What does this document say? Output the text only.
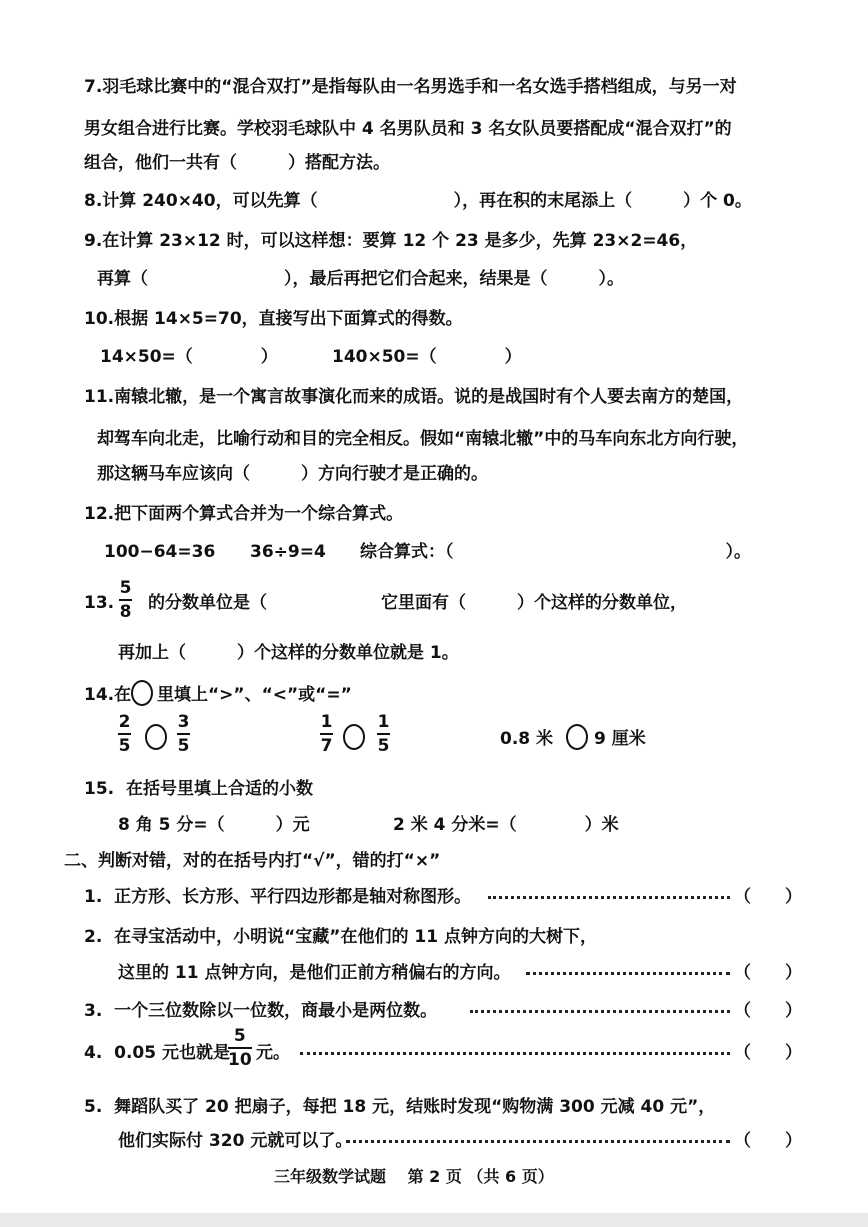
7.羽毛球比赛中的“混合双打”是指每队由一名男选手和一名女选手搭档组成，与另一对
男女组合进行比赛。学校羽毛球队中 4 名男队员和 3 名女队员要搭配成“混合双打”的
组合，他们一共有（　　　）搭配方法。
8.计算 240×40，可以先算（　　　　　　　　），再在积的末尾添上（　　　）个 0。
9.在计算 23×12 时，可以这样想：要算 12 个 23 是多少，先算 23×2=46，
再算（　　　　　　　　），最后再把它们合起来，结果是（　　　）。
10.根据 14×5=70，直接写出下面算式的得数。
14×50=（　　　　）	140×50=（　　　　）
11.南辕北辙，是一个寓言故事演化而来的成语。说的是战国时有个人要去南方的楚国，
却驾车向北走，比喻行动和目的完全相反。假如“南辕北辙”中的马车向东北方向行驶，
那这辆马车应该向（　　　）方向行驶才是正确的。
12.把下面两个算式合并为一个综合算式。
100−64=36 36÷9=4 综合算式：（　　　　　　　　　　　　　　　　）。
13.
5
8 的分数单位是（	它里面有（　　　）个这样的分数单位，
再加上（　　　）个这样的分数单位就是 1。
14.在 里填上“>”、“<”或“=”
2
5
3
5
1
7
1
5	0.8 米 9 厘米
15.  在括号里填上合适的小数
8 角 5 分=（　　　）元	2 米 4 分米=（　　　　）米
二、判断对错，对的在括号内打“√”，错的打“×”
1.  正方形、长方形、平行四边形都是轴对称图形。	（　　）
2.  在寻宝活动中，小明说“宝藏”在他们的 11 点钟方向的大树下，
这里的 11 点钟方向，是他们正前方稍偏右的方向。	（　　）
3.  一个三位数除以一位数，商最小是两位数。	（　　）
4.  0.05 元也就是
5
10 元。	（　　）
5.  舞蹈队买了 20 把扇子，每把 18 元，结账时发现“购物满 300 元减 40 元”，
他们实际付 320 元就可以了。	（　　）
三年级数学试题　 第 2 页 （共 6 页）
